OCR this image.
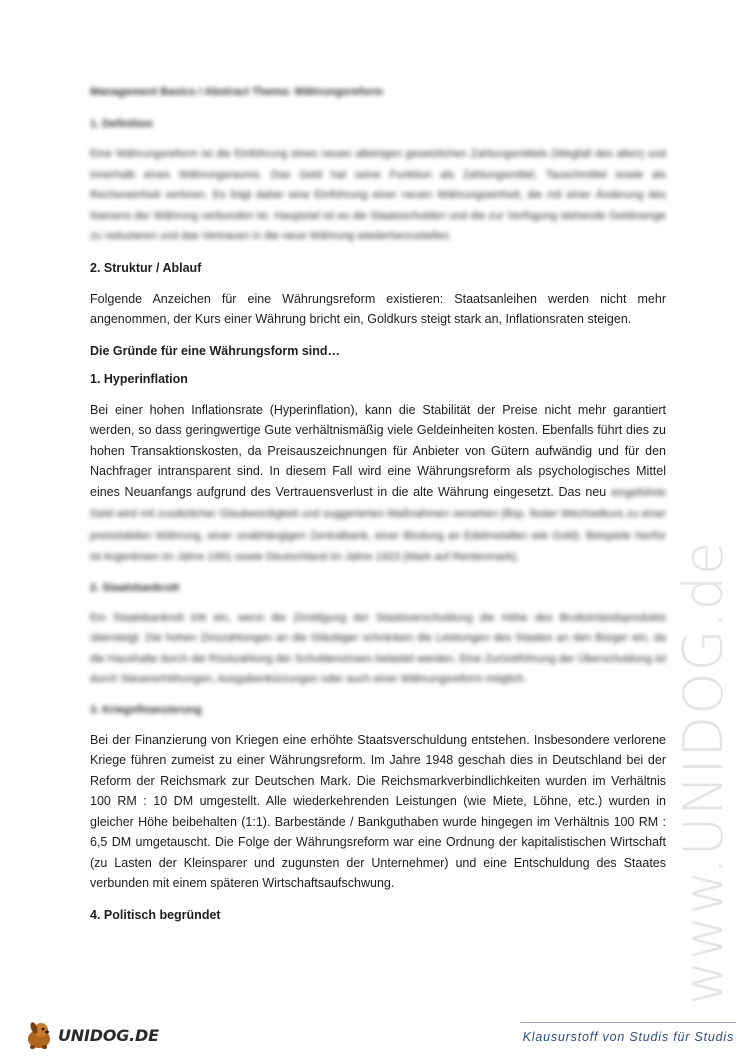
Management Basics / Abstract Thema: Währungsreform
1. Definition
Eine Währungsreform ist die Einführung eines neuen alleinigen gesetzlichen Zahlungsmittels (Wegfall des alten) und innerhalb eines Währungsraums. Das Geld hat seine Funktion als Zahlungsmittel, Tauschmittel sowie als Recheneinheit verloren. Es folgt daher eine Einführung einer neuen Währungseinheit, die mit einer Änderung des Namens der Währung verbunden ist. Hauptziel ist es die Staatsschulden und die zur Verfügung stehende Geldmenge zu reduzieren und das Vertrauen in die neue Währung wiederherzustellen.
2. Struktur / Ablauf
Folgende Anzeichen für eine Währungsreform existieren: Staatsanleihen werden nicht mehr angenommen, der Kurs einer Währung bricht ein, Goldkurs steigt stark an, Inflationsraten steigen.
Die Gründe für eine Währungsform sind…
1. Hyperinflation
Bei einer hohen Inflationsrate (Hyperinflation), kann die Stabilität der Preise nicht mehr garantiert werden, so dass geringwertige Gute verhältnismäßig viele Geldeinheiten kosten. Ebenfalls führt dies zu hohen Transaktionskosten, da Preisauszeichnungen für Anbieter von Gütern aufwändig und für den Nachfrager intransparent sind. In diesem Fall wird eine Währungsreform als psychologisches Mittel eines Neuanfangs aufgrund des Vertrauensverlust in die alte Währung eingesetzt. Das neu eingeführte Geld wird mit zusätzlicher Glaubwürdigkeit und suggerierten Maßnahmen versehen (Bsp. fester Wechselkurs zu einer preisstabilen Währung, einer unabhängigen Zentralbank, einer Bindung an Edelmetallen wie Gold). Beispiele hierfür ist Argentinien im Jahre 1991 sowie Deutschland im Jahre 1923 (Mark auf Rentenmark).
2. Staatsbankrott
Ein Staatsbankrott tritt ein, wenn die Zinstilgung der Staatsverschuldung die Höhe des Bruttoinlandsprodukts übersteigt. Die hohen Zinszahlungen an die Gläubiger schränken die Leistungen des Staates an den Bürger ein, da die Haushalte durch die Rückzahlung der Schuldenzinsen belastet werden. Eine Zurückführung der Überschuldung ist durch Steuererhöhungen, Ausgabenkürzungen oder auch einer Währungsreform möglich.
3. Kriegsfinanzierung
Bei der Finanzierung von Kriegen eine erhöhte Staatsverschuldung entstehen. Insbesondere verlorene Kriege führen zumeist zu einer Währungsreform. Im Jahre 1948 geschah dies in Deutschland bei der Reform der Reichsmark zur Deutschen Mark. Die Reichsmarkverbindlichkeiten wurden im Verhältnis 100 RM : 10 DM umgestellt. Alle wiederkehrenden Leistungen (wie Miete, Löhne, etc.) wurden in gleicher Höhe beibehalten (1:1). Barbestände / Bankguthaben wurde hingegen im Verhältnis 100 RM : 6,5 DM umgetauscht. Die Folge der Währungsreform war eine Ordnung der kapitalistischen Wirtschaft (zu Lasten der Kleinsparer und zugunsten der Unternehmer) und eine Entschuldung des Staates verbunden mit einem späteren Wirtschaftsaufschwung.
4. Politisch begründet	www.UNIDOG.de
UNIDOG.DE	Klausurstoff von Studis für Studis
